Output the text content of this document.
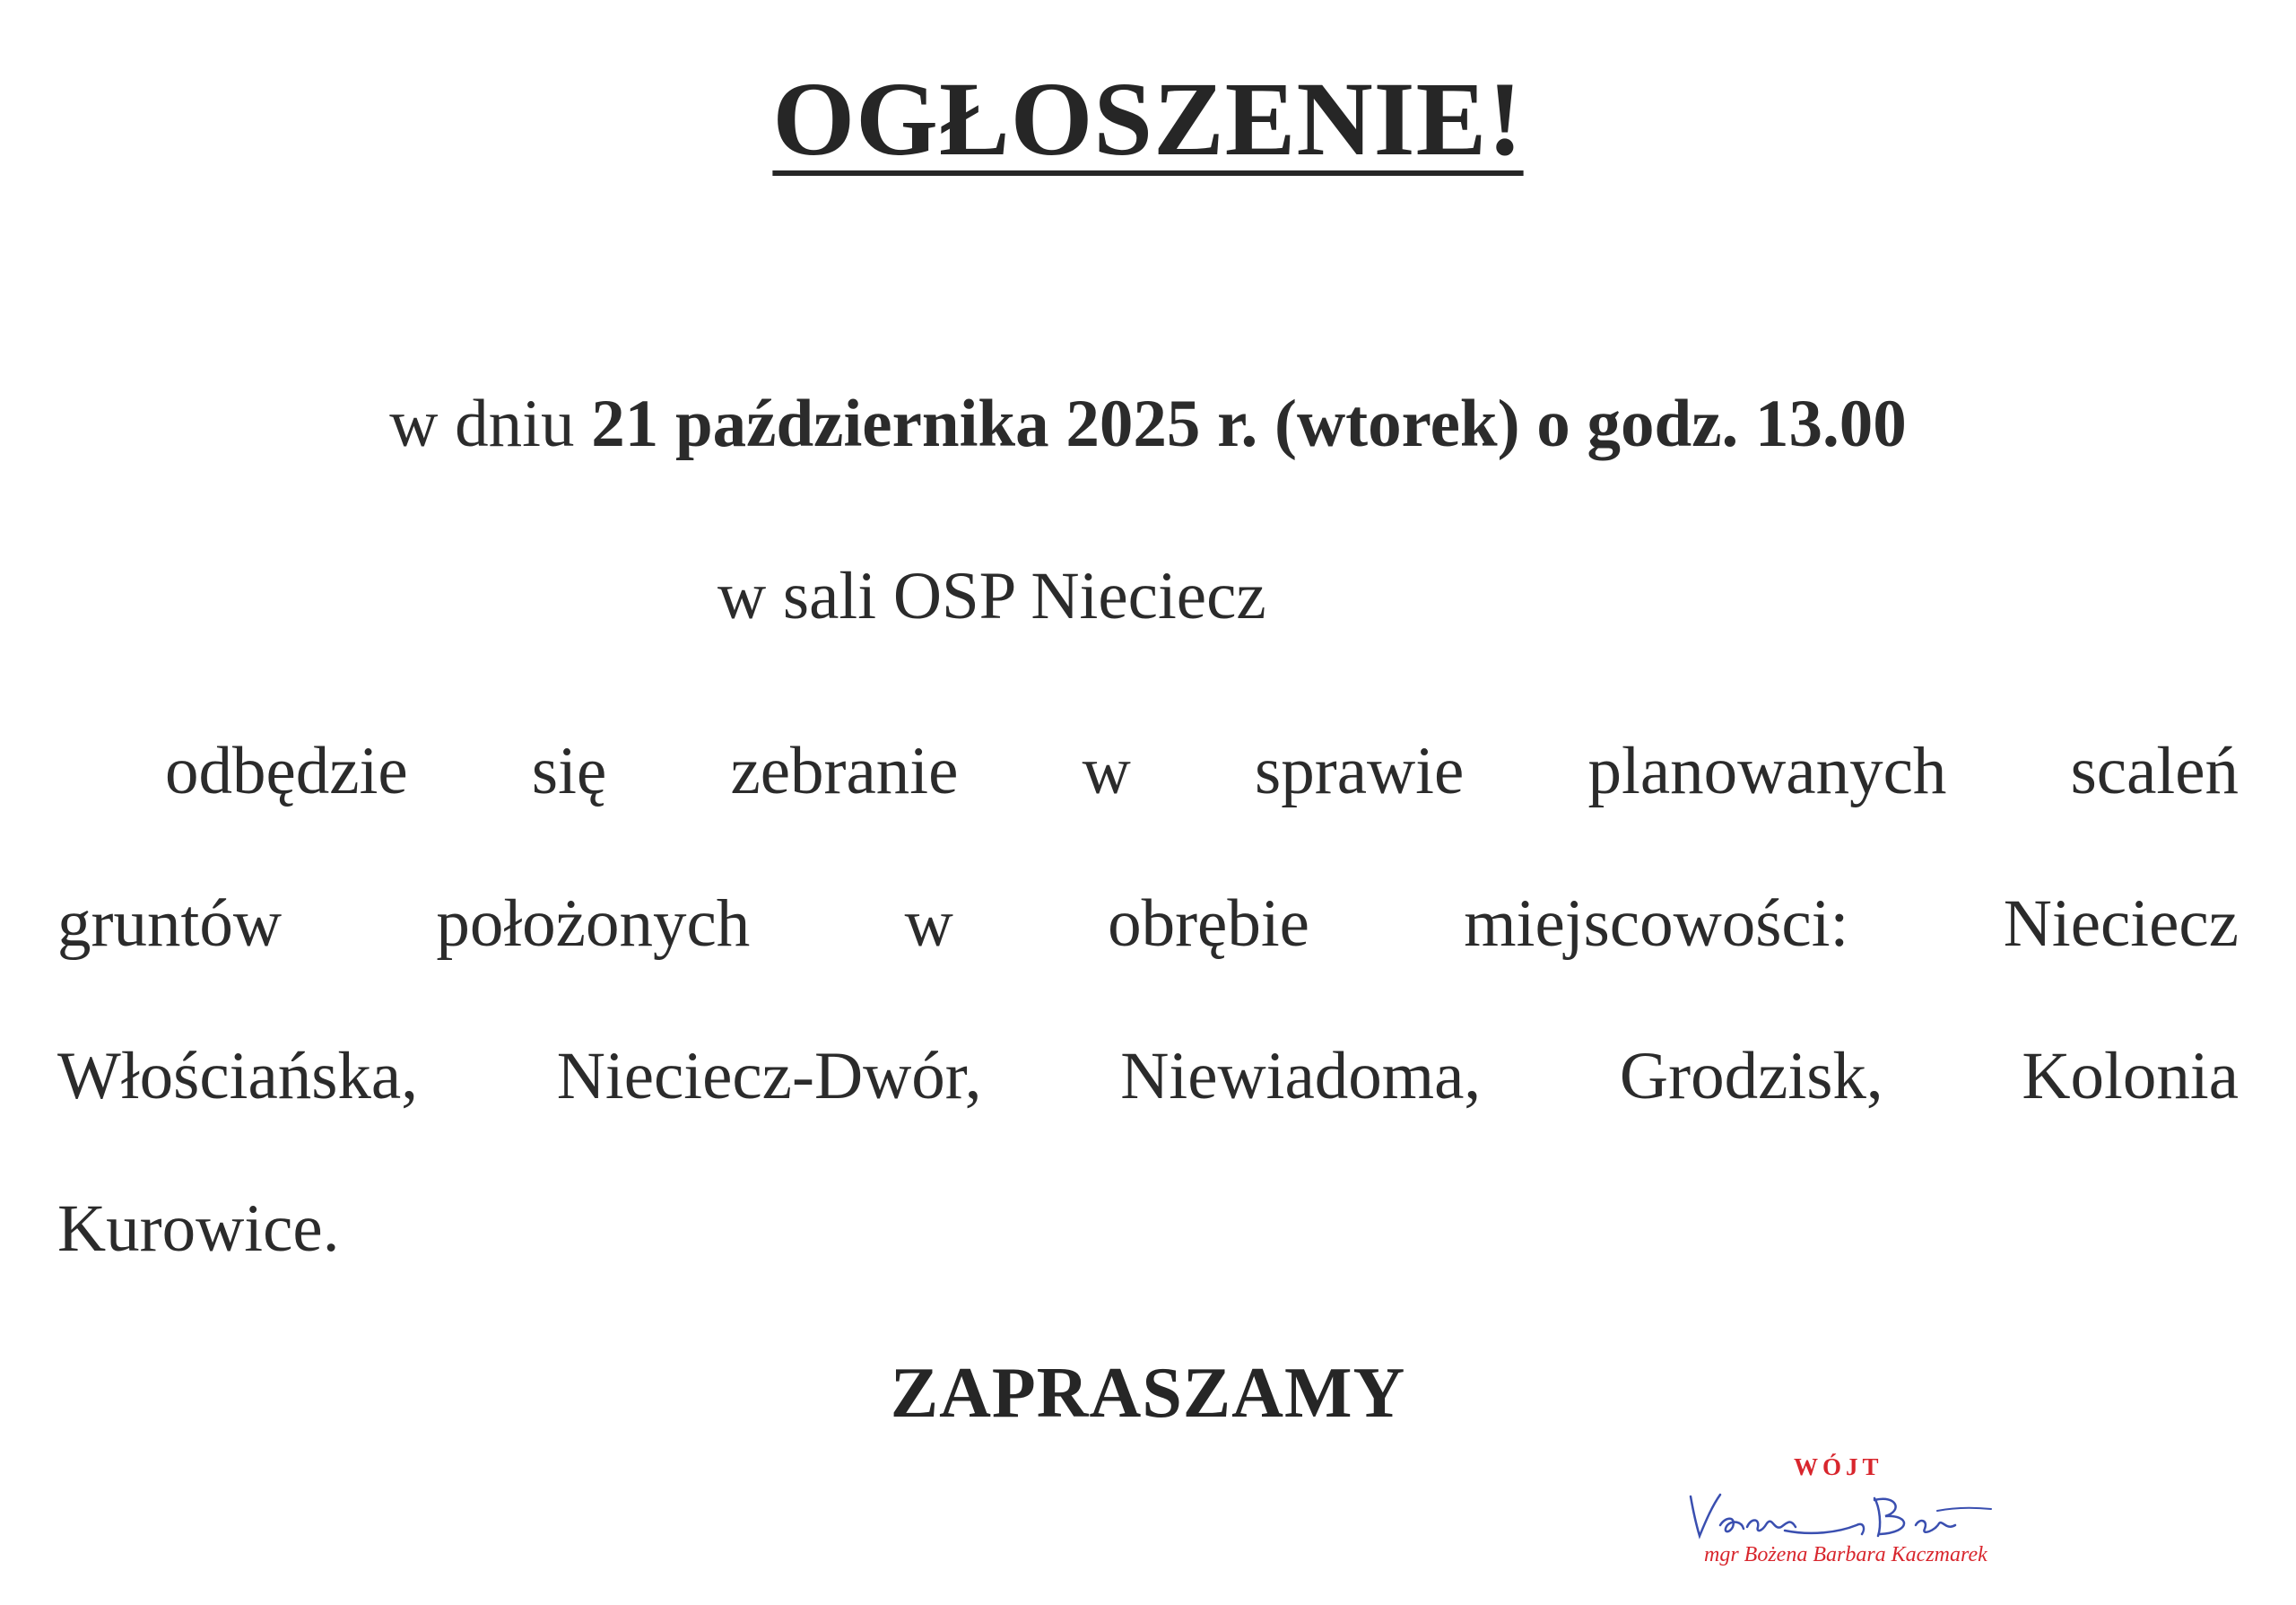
OGŁOSZENIE!
w dniu 21 października 2025 r. (wtorek) o godz. 13.00
w sali OSP Nieciecz
odbędzie się zebranie w sprawie planowanych scaleń
gruntów położonych w obrębie miejscowości: Nieciecz
Włościańska, Nieciecz-Dwór, Niewiadoma, Grodzisk, Kolonia
Kurowice.
ZAPRASZAMY
WÓJT
mgr Bożena Barbara Kaczmarek
